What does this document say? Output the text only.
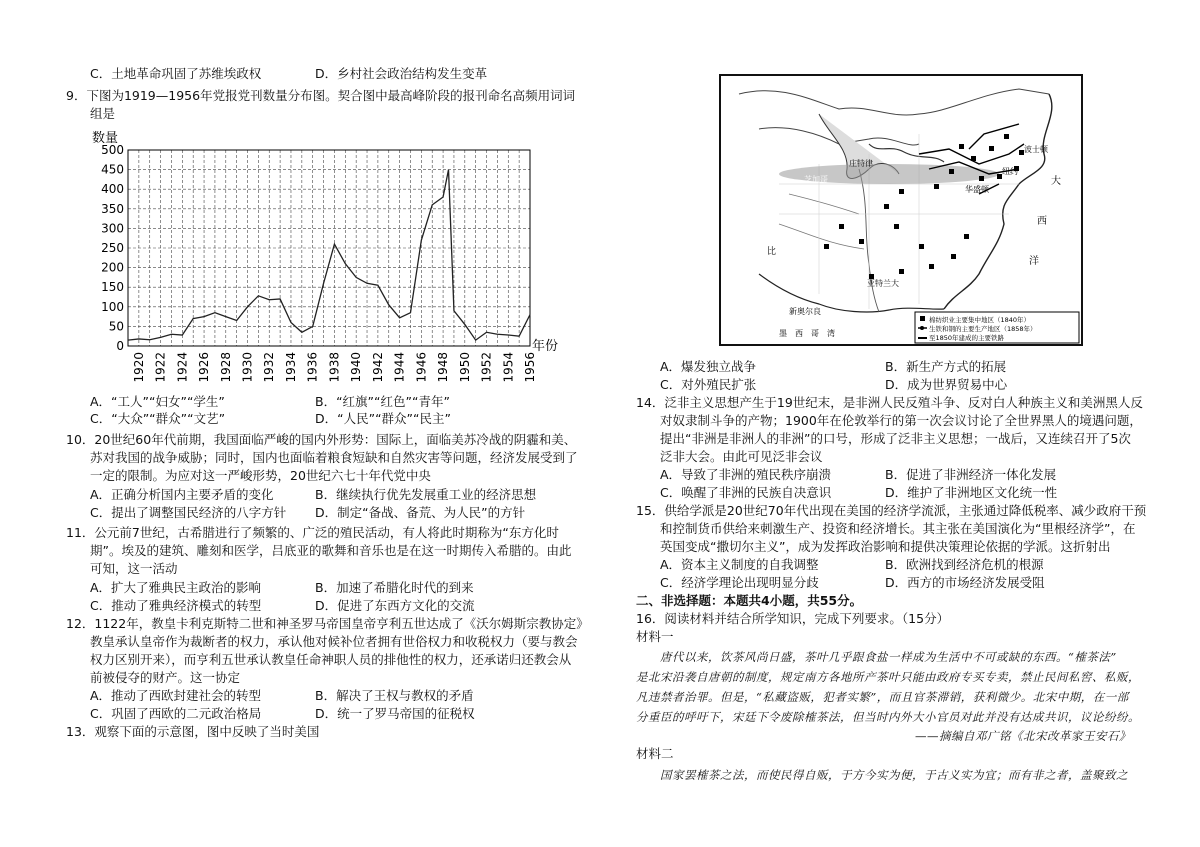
C．土地革命巩固了苏维埃政权	D．乡村社会政治结构发生变革
9．下图为1919—1956年党报党刊数量分布图。契合图中最高峰阶段的报刊命名高频用词词
组是
0
50
100
150
200
250
300
350
400
450
500
1920 1922 1924 1926 1928 1930 1932 1934 1936 1938 1940 1942 1944 1946 1948 1950 1952 1954 1956
数量
年份
A．“工人”“妇女”“学生”	B．“红旗”“红色”“青年”
C．“大众”“群众”“文艺”	D．“人民”“群众”“民主”
10．20世纪60年代前期，我国面临严峻的国内外形势：国际上，面临美苏冷战的阴霾和美、
苏对我国的战争威胁；同时，国内也面临着粮食短缺和自然灾害等问题，经济发展受到了
一定的限制。为应对这一严峻形势，20世纪六七十年代党中央
A．正确分析国内主要矛盾的变化	B．继续执行优先发展重工业的经济思想
C．提出了调整国民经济的八字方针 D．制定“备战、备荒、为人民”的方针
11．公元前7世纪，古希腊进行了频繁的、广泛的殖民活动，有人将此时期称为“东方化时
期”。埃及的建筑、雕刻和医学，吕底亚的歌舞和音乐也是在这一时期传入希腊的。由此
可知，这一活动
A．扩大了雅典民主政治的影响	B．加速了希腊化时代的到来
C．推动了雅典经济模式的转型	D．促进了东西方文化的交流
12．1122年，教皇卡利克斯特二世和神圣罗马帝国皇帝亨利五世达成了《沃尔姆斯宗教协定》
教皇承认皇帝作为裁断者的权力，承认他对候补位者拥有世俗权力和收税权力（要与教会
权力区别开来），而亨利五世承认教皇任命神职人员的排他性的权力，还承诺归还教会从
前被侵夺的财产。这一协定
A．推动了西欧封建社会的转型	B．解决了王权与教权的矛盾
C．巩固了西欧的二元政治格局	D．统一了罗马帝国的征税权
13．观察下面的示意图，图中反映了当时美国
庄特律
芝加哥
波士顿
纽约
华盛顿
大
西
洋
亚特兰大
新奥尔良
墨　西　哥　湾
比
棉纺织业主要集中地区（1840年）
生铁和钢的主要生产地区（1858年）
至1850年建成的主要铁路
A．爆发独立战争	B．新生产方式的拓展
C．对外殖民扩张	D．成为世界贸易中心
14．泛非主义思想产生于19世纪末，是非洲人民反殖斗争、反对白人种族主义和美洲黑人反
对奴隶制斗争的产物；1900年在伦敦举行的第一次会议讨论了全世界黑人的境遇问题，
提出“非洲是非洲人的非洲”的口号，形成了泛非主义思想；一战后，又连续召开了5次
泛非大会。由此可见泛非会议
A．导致了非洲的殖民秩序崩溃	B．促进了非洲经济一体化发展
C．唤醒了非洲的民族自决意识	D．维护了非洲地区文化统一性
15．供给学派是20世纪70年代出现在美国的经济学流派，主张通过降低税率、减少政府干预
和控制货币供给来刺激生产、投资和经济增长。其主张在美国演化为“里根经济学”，在
英国变成“撒切尔主义”，成为发挥政治影响和提供决策理论依据的学派。这折射出
A．资本主义制度的自我调整	B．欧洲找到经济危机的根源
C．经济学理论出现明显分歧	D．西方的市场经济发展受阻
二、非选择题：本题共4小题，共55分。
16．阅读材料并结合所学知识，完成下列要求。（15分）
材料一
唐代以来，饮茶风尚日盛，茶叶几乎跟食盐一样成为生活中不可或缺的东西。“榷茶法”
是北宋沿袭自唐朝的制度，规定南方各地所产茶叶只能由政府专买专卖，禁止民间私窖、私贩，
凡违禁者治罪。但是，“私藏盗贩，犯者实繁”，而且官茶滞销，获利微少。北宋中期，在一部
分重臣的呼吁下，宋廷下令废除榷茶法，但当时内外大小官员对此并没有达成共识，议论纷纷。
——摘编自邓广铭《北宋改革家王安石》
材料二
国家罢榷茶之法，而使民得自贩，于方今实为便，于古义实为宜；而有非之者，盖聚致之
